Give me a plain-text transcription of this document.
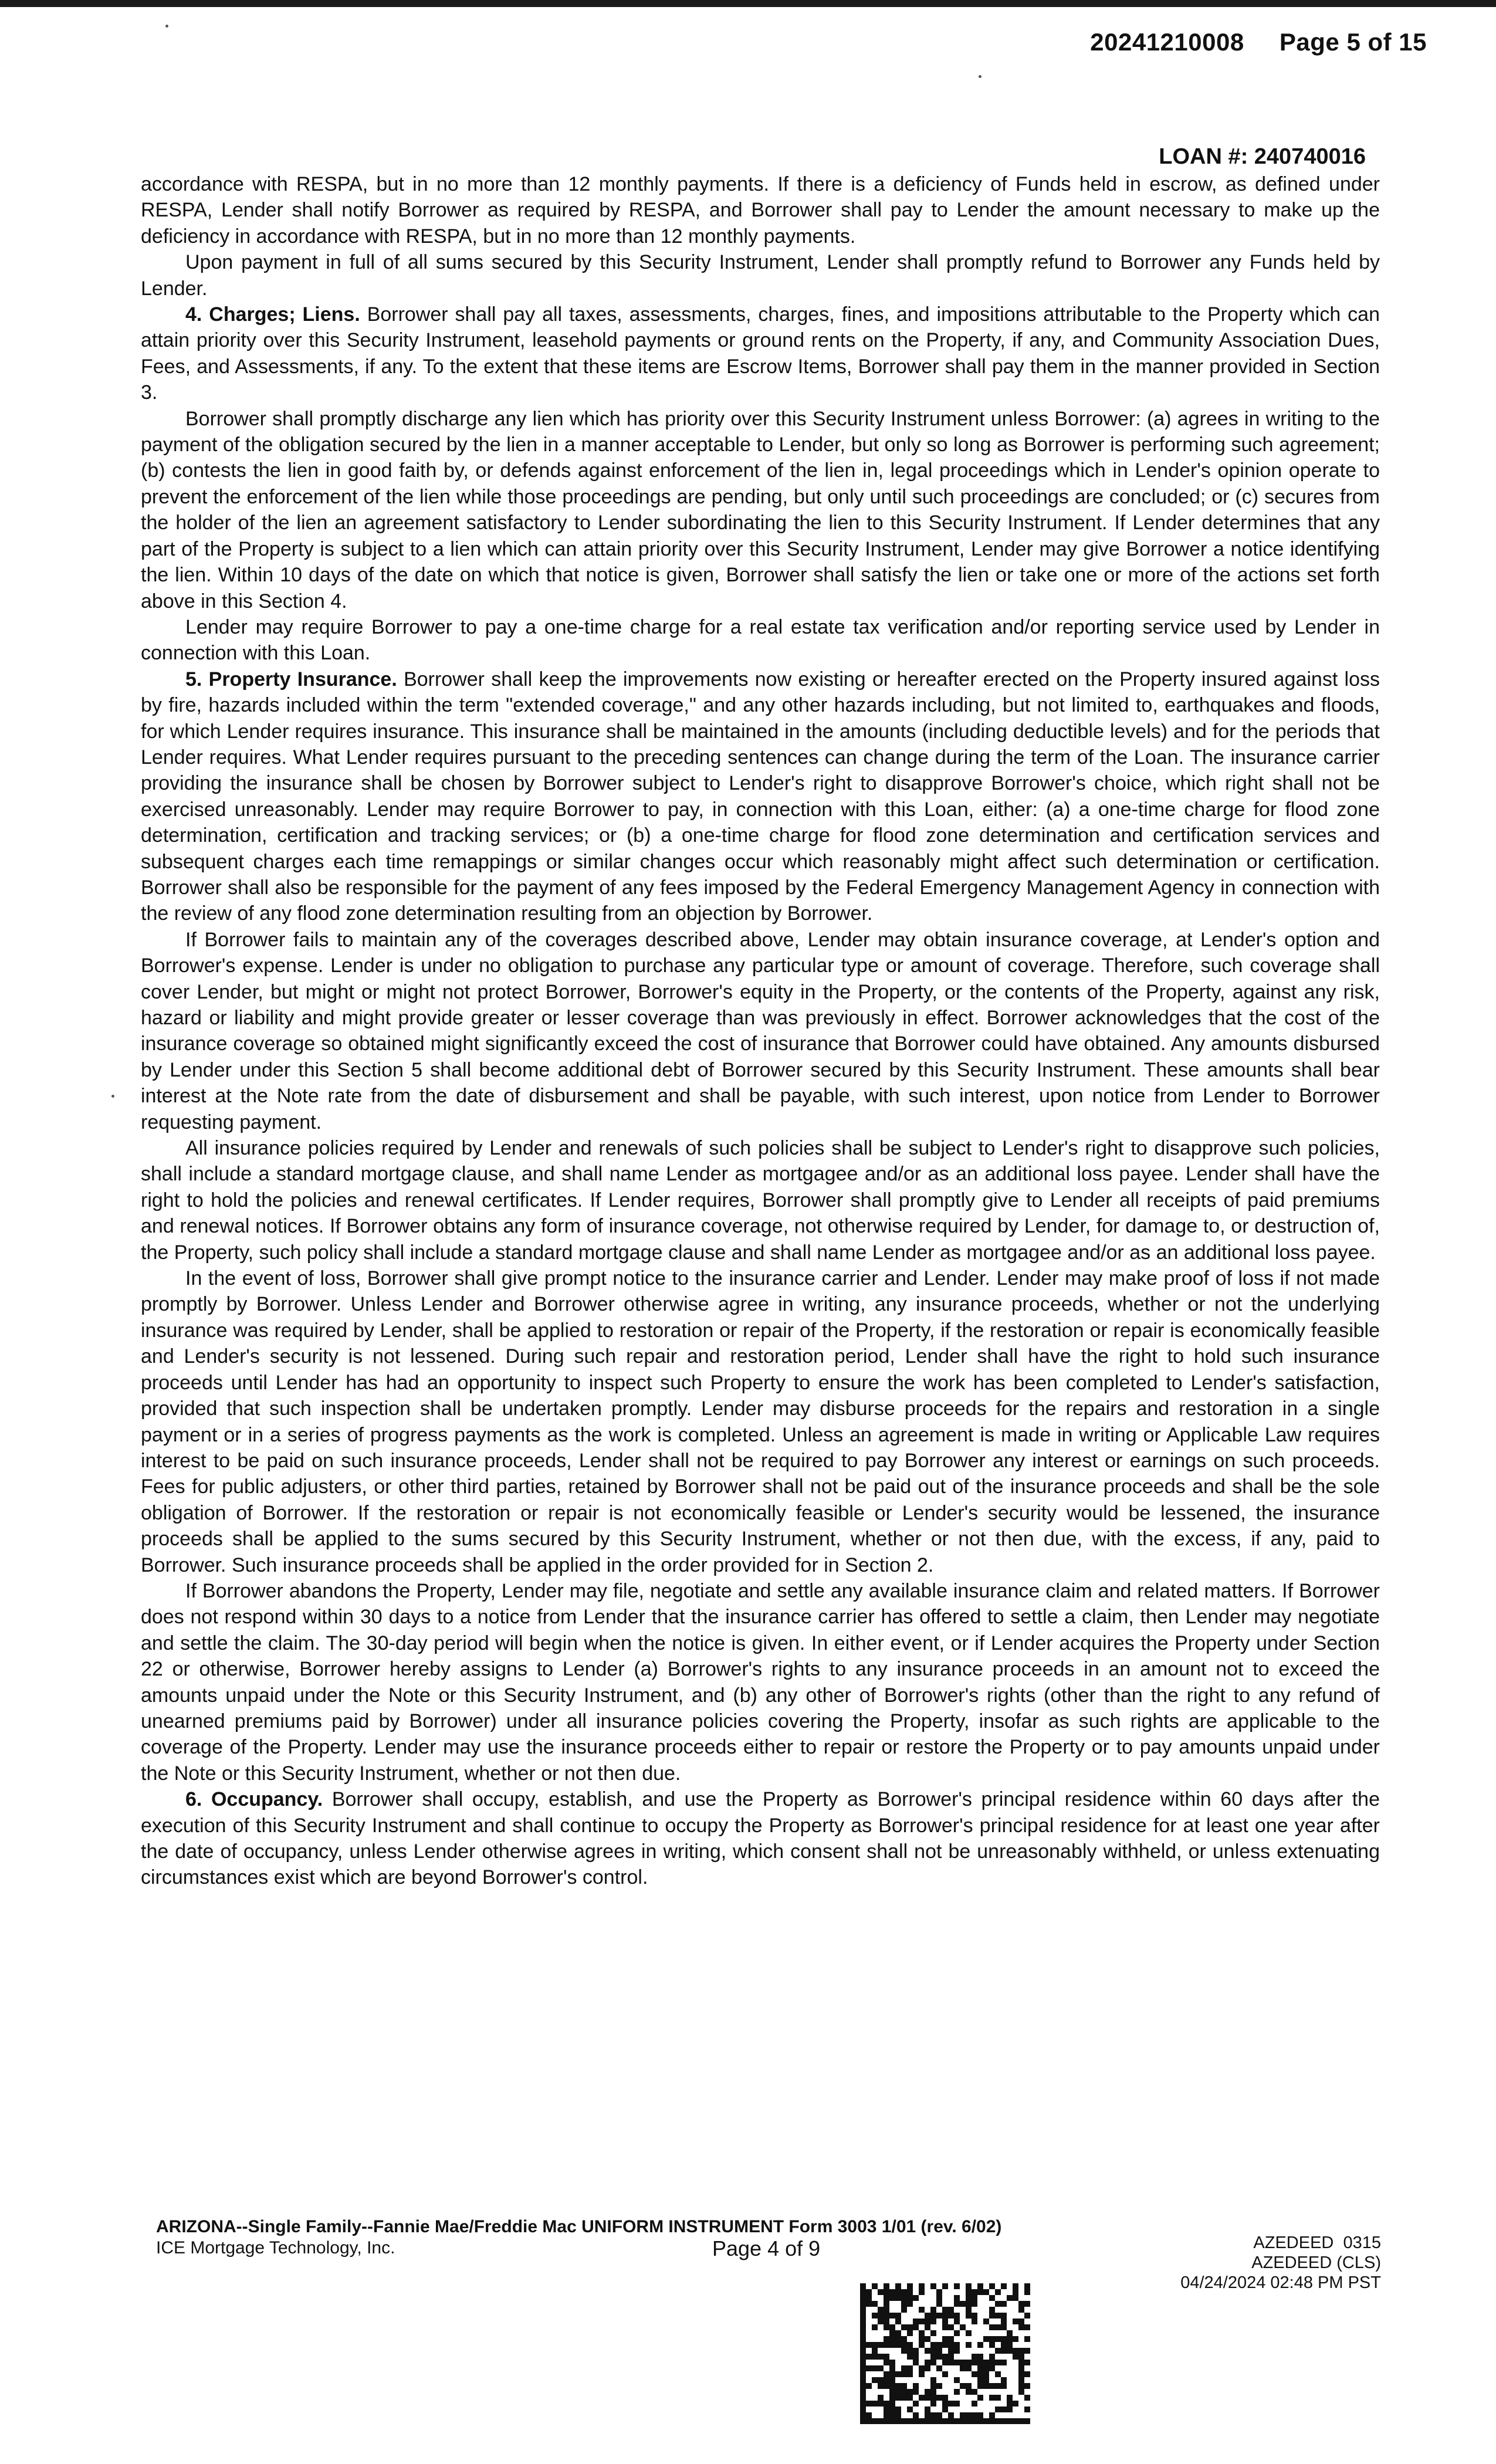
20241210008 Page 5 of 15
LOAN #: 240740016

accordance with RESPA, but in no more than 12 monthly payments. If there is a deficiency of Funds held in escrow, as defined under RESPA, Lender shall notify Borrower as required by RESPA, and Borrower shall pay to Lender the amount necessary to make up the deficiency in accordance with RESPA, but in no more than 12 monthly payments.

Upon payment in full of all sums secured by this Security Instrument, Lender shall promptly refund to Borrower any Funds held by Lender.

4. Charges; Liens. Borrower shall pay all taxes, assessments, charges, fines, and impositions attributable to the Property which can attain priority over this Security Instrument, leasehold payments or ground rents on the Property, if any, and Community Association Dues, Fees, and Assessments, if any. To the extent that these items are Escrow Items, Borrower shall pay them in the manner provided in Section 3.

Borrower shall promptly discharge any lien which has priority over this Security Instrument unless Borrower: (a) agrees in writing to the payment of the obligation secured by the lien in a manner acceptable to Lender, but only so long as Borrower is performing such agreement; (b) contests the lien in good faith by, or defends against enforcement of the lien in, legal proceedings which in Lender's opinion operate to prevent the enforcement of the lien while those proceedings are pending, but only until such proceedings are concluded; or (c) secures from the holder of the lien an agreement satisfactory to Lender subordinating the lien to this Security Instrument. If Lender determines that any part of the Property is subject to a lien which can attain priority over this Security Instrument, Lender may give Borrower a notice identifying the lien. Within 10 days of the date on which that notice is given, Borrower shall satisfy the lien or take one or more of the actions set forth above in this Section 4.

Lender may require Borrower to pay a one-time charge for a real estate tax verification and/or reporting service used by Lender in connection with this Loan.

5. Property Insurance. Borrower shall keep the improvements now existing or hereafter erected on the Property insured against loss by fire, hazards included within the term "extended coverage," and any other hazards including, but not limited to, earthquakes and floods, for which Lender requires insurance. This insurance shall be maintained in the amounts (including deductible levels) and for the periods that Lender requires. What Lender requires pursuant to the preceding sentences can change during the term of the Loan. The insurance carrier providing the insurance shall be chosen by Borrower subject to Lender's right to disapprove Borrower's choice, which right shall not be exercised unreasonably. Lender may require Borrower to pay, in connection with this Loan, either: (a) a one-time charge for flood zone determination, certification and tracking services; or (b) a one-time charge for flood zone determination and certification services and subsequent charges each time remappings or similar changes occur which reasonably might affect such determination or certification. Borrower shall also be responsible for the payment of any fees imposed by the Federal Emergency Management Agency in connection with the review of any flood zone determination resulting from an objection by Borrower.

If Borrower fails to maintain any of the coverages described above, Lender may obtain insurance coverage, at Lender's option and Borrower's expense. Lender is under no obligation to purchase any particular type or amount of coverage. Therefore, such coverage shall cover Lender, but might or might not protect Borrower, Borrower's equity in the Property, or the contents of the Property, against any risk, hazard or liability and might provide greater or lesser coverage than was previously in effect. Borrower acknowledges that the cost of the insurance coverage so obtained might significantly exceed the cost of insurance that Borrower could have obtained. Any amounts disbursed by Lender under this Section 5 shall become additional debt of Borrower secured by this Security Instrument. These amounts shall bear interest at the Note rate from the date of disbursement and shall be payable, with such interest, upon notice from Lender to Borrower requesting payment.

All insurance policies required by Lender and renewals of such policies shall be subject to Lender's right to disapprove such policies, shall include a standard mortgage clause, and shall name Lender as mortgagee and/or as an additional loss payee. Lender shall have the right to hold the policies and renewal certificates. If Lender requires, Borrower shall promptly give to Lender all receipts of paid premiums and renewal notices. If Borrower obtains any form of insurance coverage, not otherwise required by Lender, for damage to, or destruction of, the Property, such policy shall include a standard mortgage clause and shall name Lender as mortgagee and/or as an additional loss payee.

In the event of loss, Borrower shall give prompt notice to the insurance carrier and Lender. Lender may make proof of loss if not made promptly by Borrower. Unless Lender and Borrower otherwise agree in writing, any insurance proceeds, whether or not the underlying insurance was required by Lender, shall be applied to restoration or repair of the Property, if the restoration or repair is economically feasible and Lender's security is not lessened. During such repair and restoration period, Lender shall have the right to hold such insurance proceeds until Lender has had an opportunity to inspect such Property to ensure the work has been completed to Lender's satisfaction, provided that such inspection shall be undertaken promptly. Lender may disburse proceeds for the repairs and restoration in a single payment or in a series of progress payments as the work is completed. Unless an agreement is made in writing or Applicable Law requires interest to be paid on such insurance proceeds, Lender shall not be required to pay Borrower any interest or earnings on such proceeds. Fees for public adjusters, or other third parties, retained by Borrower shall not be paid out of the insurance proceeds and shall be the sole obligation of Borrower. If the restoration or repair is not economically feasible or Lender's security would be lessened, the insurance proceeds shall be applied to the sums secured by this Security Instrument, whether or not then due, with the excess, if any, paid to Borrower. Such insurance proceeds shall be applied in the order provided for in Section 2.

If Borrower abandons the Property, Lender may file, negotiate and settle any available insurance claim and related matters. If Borrower does not respond within 30 days to a notice from Lender that the insurance carrier has offered to settle a claim, then Lender may negotiate and settle the claim. The 30-day period will begin when the notice is given. In either event, or if Lender acquires the Property under Section 22 or otherwise, Borrower hereby assigns to Lender (a) Borrower's rights to any insurance proceeds in an amount not to exceed the amounts unpaid under the Note or this Security Instrument, and (b) any other of Borrower's rights (other than the right to any refund of unearned premiums paid by Borrower) under all insurance policies covering the Property, insofar as such rights are applicable to the coverage of the Property. Lender may use the insurance proceeds either to repair or restore the Property or to pay amounts unpaid under the Note or this Security Instrument, whether or not then due.

6. Occupancy. Borrower shall occupy, establish, and use the Property as Borrower's principal residence within 60 days after the execution of this Security Instrument and shall continue to occupy the Property as Borrower's principal residence for at least one year after the date of occupancy, unless Lender otherwise agrees in writing, which consent shall not be unreasonably withheld, or unless extenuating circumstances exist which are beyond Borrower's control.

ARIZONA--Single Family--Fannie Mae/Freddie Mac UNIFORM INSTRUMENT Form 3003 1/01 (rev. 6/02)
ICE Mortgage Technology, Inc.	Page 4 of 9	AZEDEED  0315
AZEDEED (CLS)
04/24/2024 02:48 PM PST
